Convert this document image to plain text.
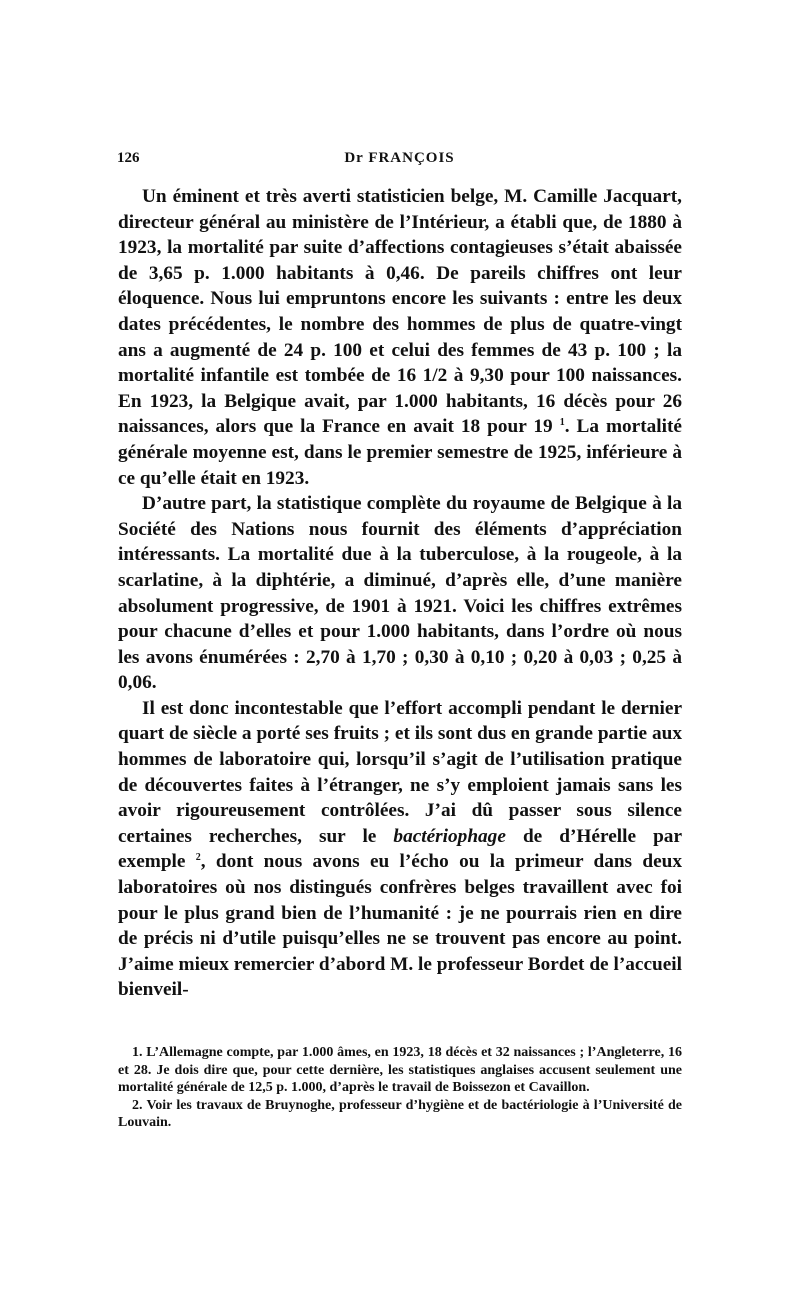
126	Dr FRANÇOIS

Un éminent et très averti statisticien belge, M. Camille Jacquart, directeur général au ministère de l’Intérieur, a établi que, de 1880 à 1923, la mortalité par suite d’affections contagieuses s’était abaissée de 3,65 p. 1.000 habitants à 0,46. De pareils chiffres ont leur éloquence. Nous lui empruntons encore les suivants : entre les deux dates précédentes, le nombre des hommes de plus de quatre-vingt ans a augmenté de 24 p. 100 et celui des femmes de 43 p. 100 ; la mortalité infantile est tombée de 16 1/2 à 9,30 pour 100 naissances. En 1923, la Belgique avait, par 1.000 habitants, 16 décès pour 26 naissances, alors que la France en avait 18 pour 19 $^1$. La mortalité générale moyenne est, dans le premier semestre de 1925, inférieure à ce qu’elle était en 1923.

D’autre part, la statistique complète du royaume de Belgique à la Société des Nations nous fournit des éléments d’appréciation intéressants. La mortalité due à la tuberculose, à la rougeole, à la scarlatine, à la diphtérie, a diminué, d’après elle, d’une manière absolument progressive, de 1901 à 1921. Voici les chiffres extrêmes pour chacune d’elles et pour 1.000 habitants, dans l’ordre où nous les avons énumérées : 2,70 à 1,70 ; 0,30 à 0,10 ; 0,20 à 0,03 ; 0,25 à 0,06.

Il est donc incontestable que l’effort accompli pendant le dernier quart de siècle a porté ses fruits ; et ils sont dus en grande partie aux hommes de laboratoire qui, lorsqu’il s’agit de l’utilisation pratique de découvertes faites à l’étranger, ne s’y emploient jamais sans les avoir rigoureusement contrôlées. J’ai dû passer sous silence certaines recherches, sur le bactériophage de d’Hérelle par exemple $^2$, dont nous avons eu l’écho ou la primeur dans deux laboratoires où nos distingués confrères belges travaillent avec foi pour le plus grand bien de l’humanité : je ne pourrais rien en dire de précis ni d’utile puisqu’elles ne se trouvent pas encore au point. J’aime mieux remercier d’abord M. le professeur Bordet de l’accueil bienveil-

1. L’Allemagne compte, par 1.000 âmes, en 1923, 18 décès et 32 naissances ; l’Angleterre, 16 et 28. Je dois dire que, pour cette dernière, les statistiques anglaises accusent seulement une mortalité générale de 12,5 p. 1.000, d’après le travail de Boissezon et Cavaillon.

2. Voir les travaux de Bruynoghe, professeur d’hygiène et de bactériologie à l’Université de Louvain.
